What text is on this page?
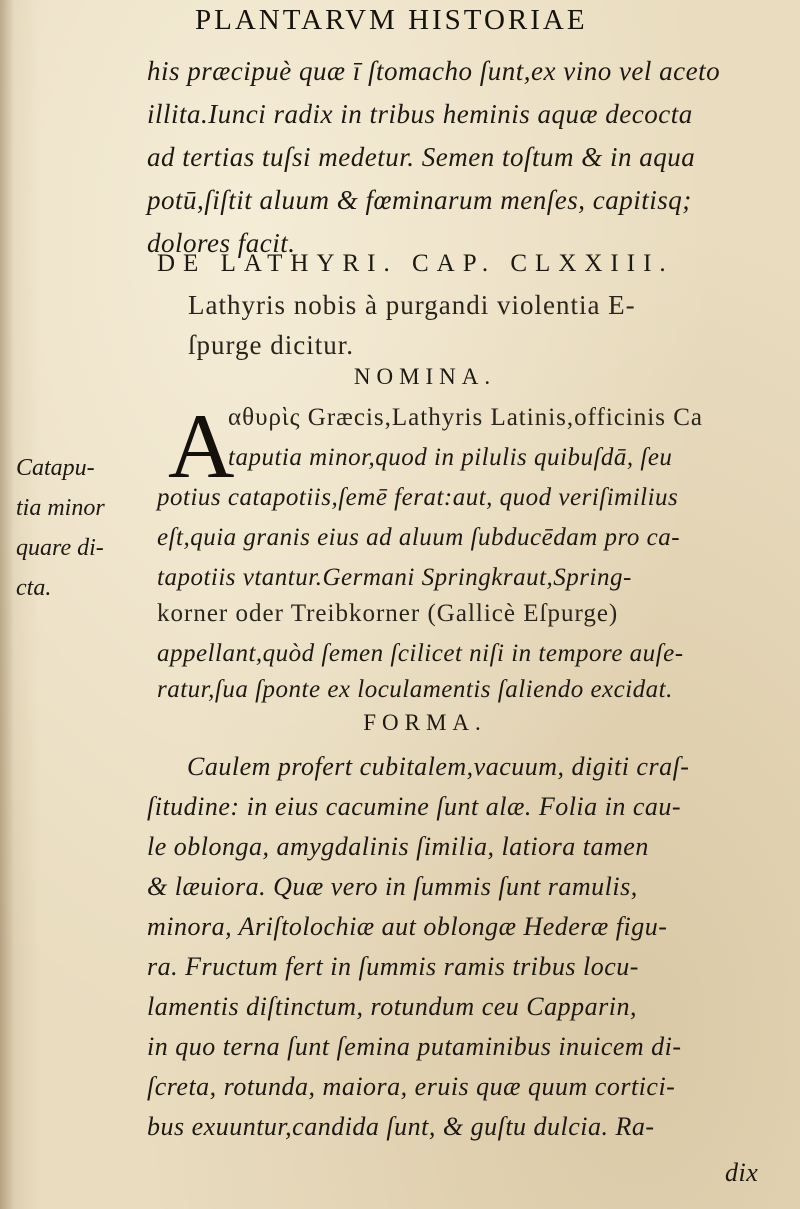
PLANTARVM HISTORIAE
his præcipuè quæ ī ſtomacho ſunt,ex vino vel aceto
illita.Iunci radix in tribus heminis aquæ decocta
ad tertias tuſsi medetur. Semen toſtum & in aqua
potū,ſiſtit aluum & fœminarum menſes, capitisq;
dolores facit.
DE LATHYRI. CAP. CLXXIII.
Lathyris nobis à purgandi violentia E-
ſpurge dicitur.
NOMINA.
A
αθυρὶς Græcis,Lathyris Latinis,officinis Ca
taputia minor,quod in pilulis quibuſdā, ſeu
potius catapotiis,ſemē ferat:aut, quod veriſimilius
eſt,quia granis eius ad aluum ſubducēdam pro ca-
tapotiis vtantur.Germani Springkraut,Spring-
korner oder Treibkorner (Gallicè Eſpurge)
appellant,quòd ſemen ſcilicet niſi in tempore auſe-
ratur,ſua ſponte ex loculamentis ſaliendo excidat.
Catapu-
tia minor
quare di-
cta.
FORMA.
Caulem profert cubitalem,vacuum, digiti craſ-
ſitudine: in eius cacumine ſunt alæ. Folia in cau-
le oblonga, amygdalinis ſimilia, latiora tamen
& læuiora. Quæ vero in ſummis ſunt ramulis,
minora, Ariſtolochiæ aut oblongæ Hederæ figu-
ra. Fructum fert in ſummis ramis tribus locu-
lamentis diſtinctum, rotundum ceu Capparin,
in quo terna ſunt ſemina putaminibus inuicem di-
ſcreta, rotunda, maiora, eruis quæ quum cortici-
bus exuuntur,candida ſunt, & guſtu dulcia. Ra-
dix
